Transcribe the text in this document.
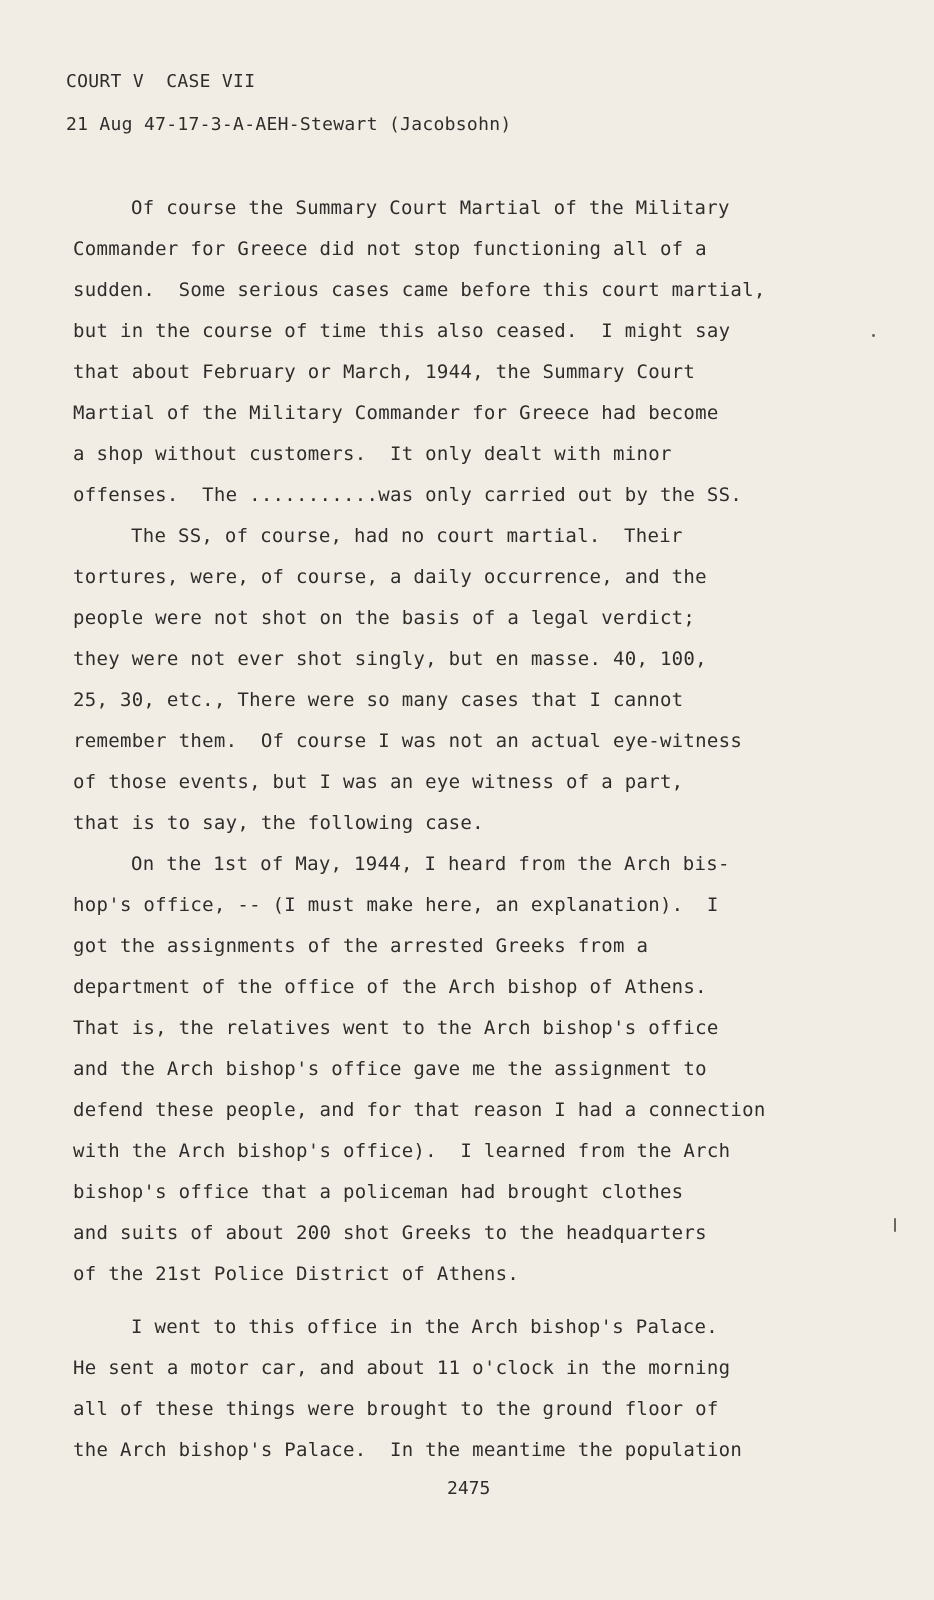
COURT V  CASE VII
21 Aug 47-17-3-A-AEH-Stewart (Jacobsohn)
Of course the Summary Court Martial of the Military
Commander for Greece did not stop functioning all of a
sudden.  Some serious cases came before this court martial,
but in the course of time this also ceased.  I might say
that about February or March, 1944, the Summary Court
Martial of the Military Commander for Greece had become
a shop without customers.  It only dealt with minor
offenses.  The ...........was only carried out by the SS.
The SS, of course, had no court martial.  Their
tortures, were, of course, a daily occurrence, and the
people were not shot on the basis of a legal verdict;
they were not ever shot singly, but en masse. 40, 100,
25, 30, etc., There were so many cases that I cannot
remember them.  Of course I was not an actual eye-witness
of those events, but I was an eye witness of a part,
that is to say, the following case.
On the 1st of May, 1944, I heard from the Arch bis-
hop's office, -- (I must make here, an explanation).  I
got the assignments of the arrested Greeks from a
department of the office of the Arch bishop of Athens.
That is, the relatives went to the Arch bishop's office
and the Arch bishop's office gave me the assignment to
defend these people, and for that reason I had a connection
with the Arch bishop's office).  I learned from the Arch
bishop's office that a policeman had brought clothes
and suits of about 200 shot Greeks to the headquarters
of the 21st Police District of Athens.
I went to this office in the Arch bishop's Palace.
He sent a motor car, and about 11 o'clock in the morning
all of these things were brought to the ground floor of
the Arch bishop's Palace.  In the meantime the population
2475
